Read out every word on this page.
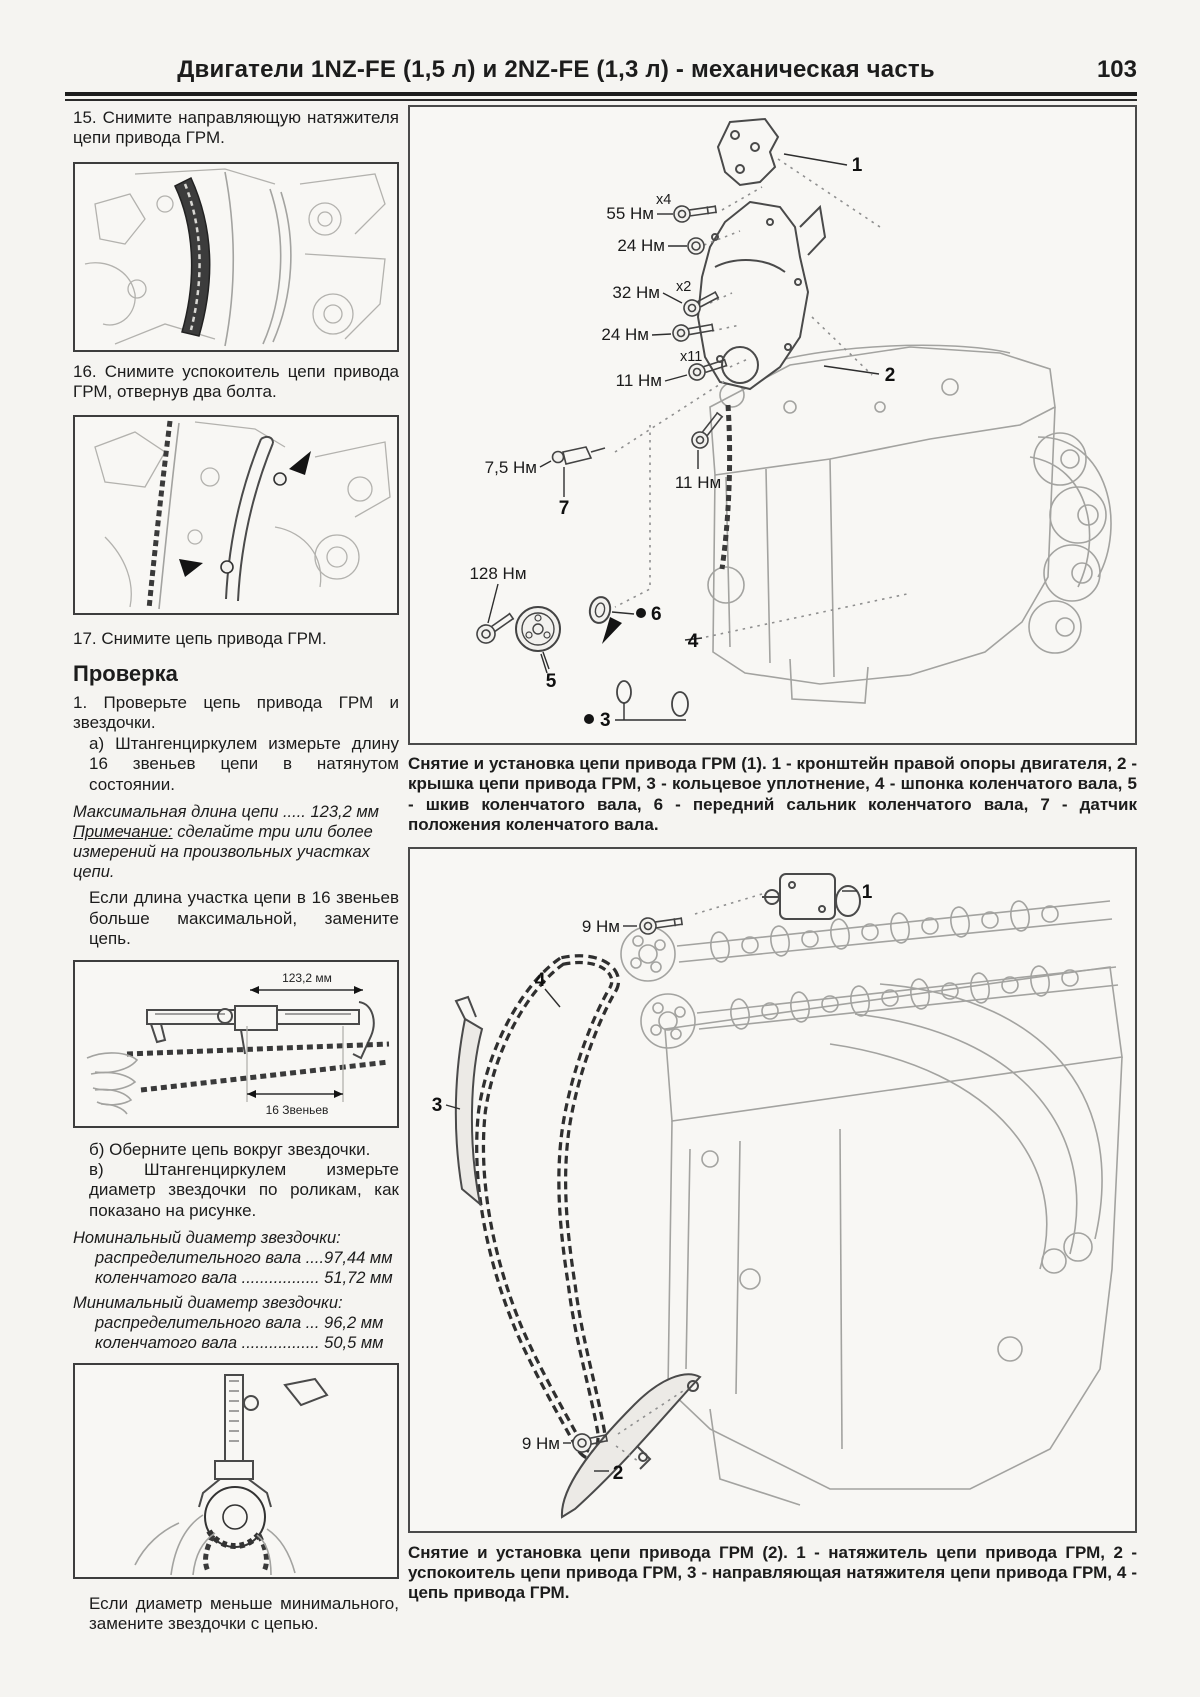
Двигатели 1NZ-FE (1,5 л) и 2NZ-FE (1,3 л) - механическая часть	103

15. Снимите направляющую натяжителя цепи привода ГРМ.

16. Снимите успокоитель цепи привода ГРМ, отвернув два болта.

17. Снимите цепь привода ГРМ.

Проверка

1. Проверьте цепь привода ГРМ и звездочки.

а) Штангенциркулем измерьте длину 16 звеньев цепи в натянутом состоянии.

Максимальная длина цепи ..... 123,2 мм

Примечание: сделайте три или более измерений на произвольных участках цепи.

Если длина участка цепи в 16 звеньев больше максимальной, замените цепь.

123,2 мм
16 Звеньев

б) Оберните цепь вокруг звездочки.

в) Штангенциркулем измерьте диаметр звездочки по роликам, как показано на рисунке.

Номинальный диаметр звездочки:

распределительного вала ....97,44 мм

коленчатого вала ................. 51,72 мм

Минимальный диаметр звездочки:

распределительного вала ... 96,2 мм

коленчатого вала ................. 50,5 мм

Если диаметр меньше минимального, замените звездочки с цепью.

55 Нм
x4
24 Нм
32 Нм x2
24 Нм
x11
11 Нм
7,5 Нм
11 Нм
128 Нм
1
2
3
4
5
6
7

Снятие и установка цепи привода ГРМ (1). 1 - кронштейн правой опоры двигателя, 2 - крышка цепи привода ГРМ, 3 - кольцевое уплотнение, 4 - шпонка коленчатого вала, 5 - шкив коленчатого вала, 6 - передний сальник коленчатого вала, 7 - датчик положения коленчатого вала.

9 Нм
9 Нм
1
2
3
4

Снятие и установка цепи привода ГРМ (2). 1 - натяжитель цепи привода ГРМ, 2 - успокоитель цепи привода ГРМ, 3 - направляющая натяжителя цепи привода ГРМ, 4 - цепь привода ГРМ.
